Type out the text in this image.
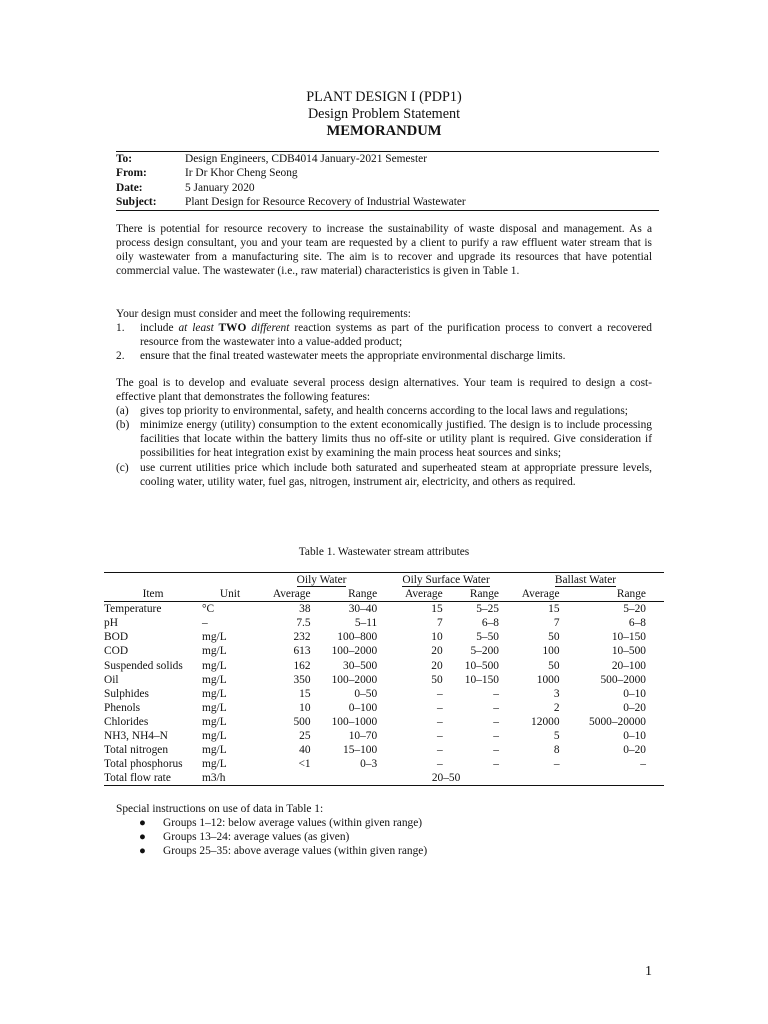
PLANT DESIGN I (PDP1)
Design Problem Statement
MEMORANDUM
To:	Design Engineers, CDB4014 January-2021 Semester
From:	Ir Dr Khor Cheng Seong
Date:	5 January 2020
Subject:	Plant Design for Resource Recovery of Industrial Wastewater

There is potential for resource recovery to increase the sustainability of waste disposal and management. As a process design consultant, you and your team are requested by a client to purify a raw effluent water stream that is oily wastewater from a manufacturing site. The aim is to recover and upgrade its resources that have potential commercial value. The wastewater (i.e., raw material) characteristics is given in Table 1.

Your design must consider and meet the following requirements:

1.	include at least TWO different reaction systems as part of the purification process to convert a recovered resource from the wastewater into a value-added product;
2.	ensure that the final treated wastewater meets the appropriate environmental discharge limits.

The goal is to develop and evaluate several process design alternatives. Your team is required to design a cost-effective plant that demonstrates the following features:

(a) gives top priority to environmental, safety, and health concerns according to the local laws and regulations;
(b) minimize energy (utility) consumption to the extent economically justified. The design is to include processing facilities that locate within the battery limits thus no off-site or utility plant is required. Give consideration if possibilities for heat integration exist by examining the main process heat sources and sinks;
(c) use current utilities price which include both saturated and superheated steam at appropriate pressure levels, cooling water, utility water, fuel gas, nitrogen, instrument air, electricity, and others as required.
Table 1. Wastewater stream attributes
		Oily Water		Oily Surface Water		Ballast Water	
Item	Unit	Average	Range	Average	Range	Average	Range
Temperature	°C	38	30–40	15	5–25	15	5–20
pH	–	7.5	5–11	7	6–8	7	6–8
BOD	mg/L	232	100–800	10	5–50	50	10–150
COD	mg/L	613	100–2000	20	5–200	100	10–500
Suspended solids	mg/L	162	30–500	20	10–500	50	20–100
Oil	mg/L	350	100–2000	50	10–150	1000	500–2000
Sulphides	mg/L	15	0–50	–	–	3	0–10
Phenols	mg/L	10	0–100	–	–	2	0–20
Chlorides	mg/L	500	100–1000	–	–	12000	5000–20000
NH3, NH4–N	mg/L	25	10–70	–	–	5	0–10
Total nitrogen	mg/L	40	15–100	–	–	8	0–20
Total phosphorus	mg/L	<1	0–3	–	–	–	–
Total flow rate	m3/h			20–50			
Special instructions on use of data in Table 1:
●	Groups 1–12: below average values (within given range)
●	Groups 13–24: average values (as given)
●	Groups 25–35: above average values (within given range)
1
